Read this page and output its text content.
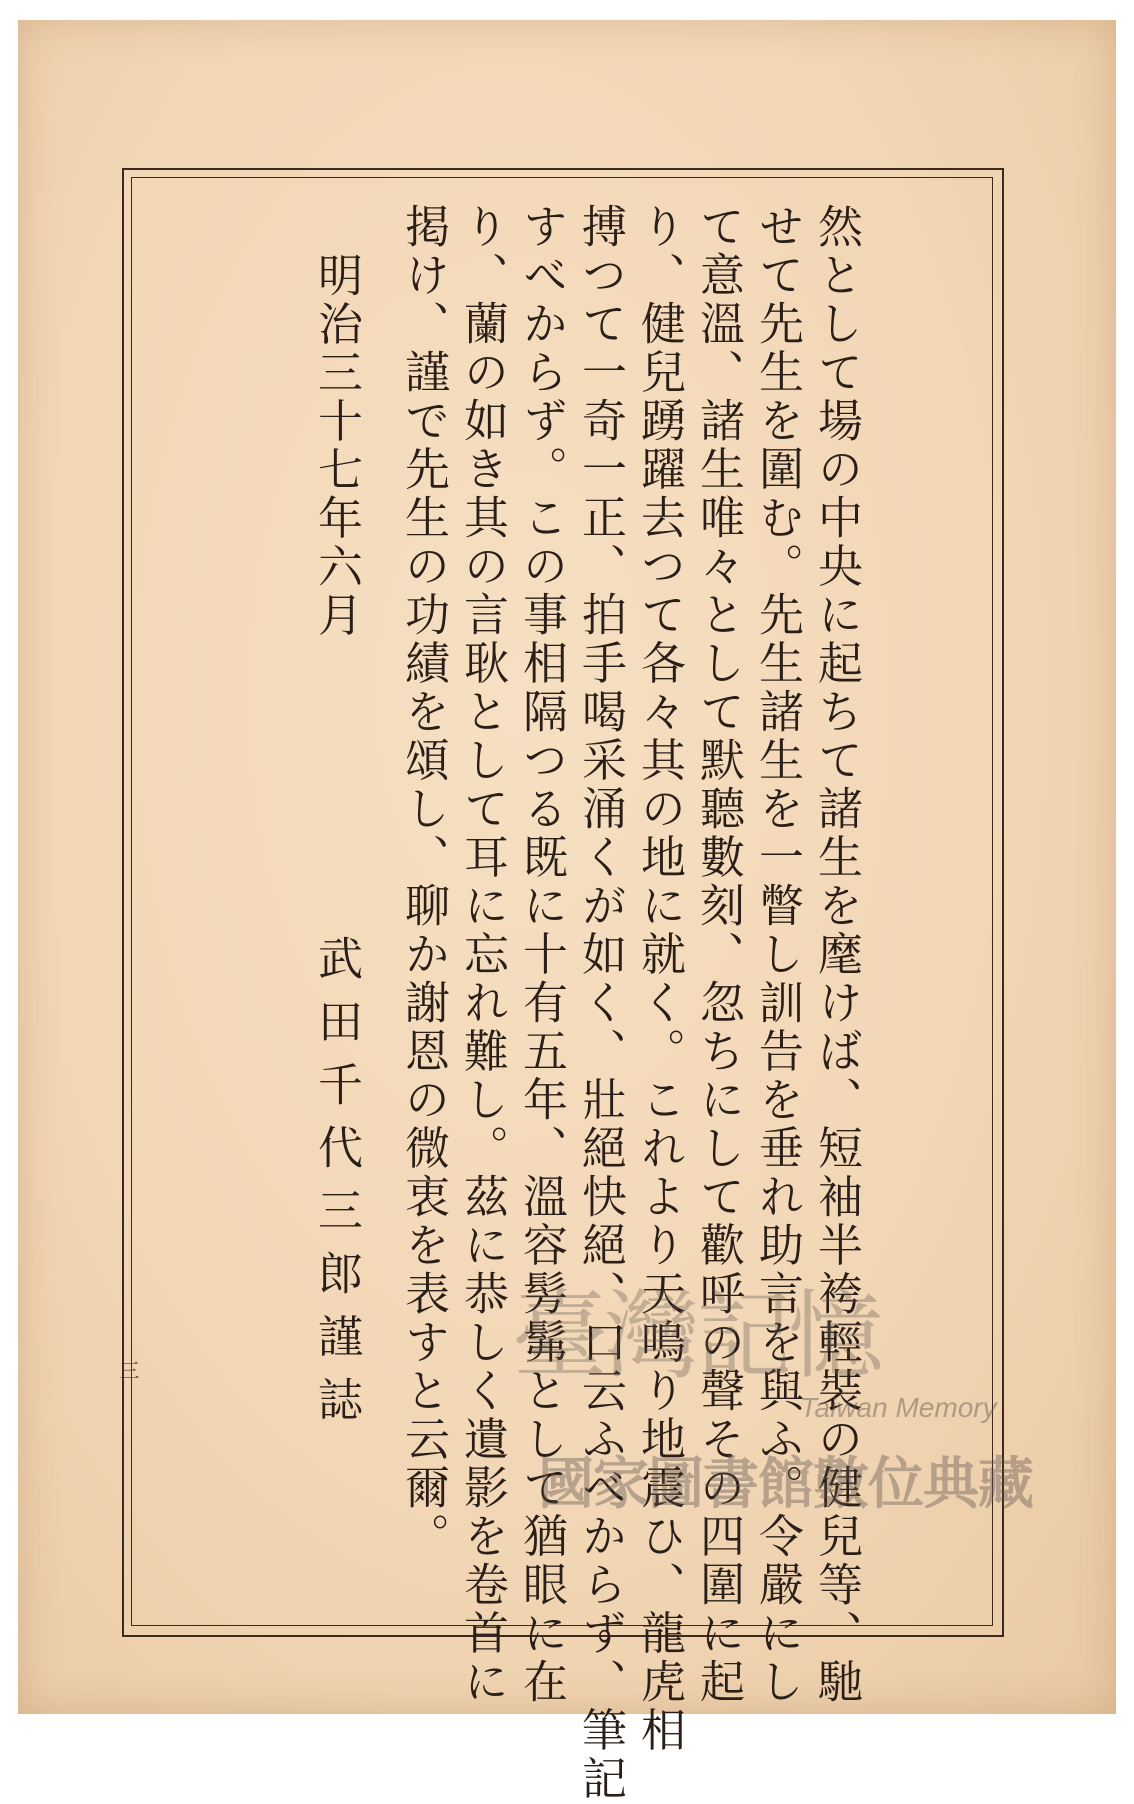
然として場の中央に起ちて諸生を麾けば、短袖半袴輕裝の健兒等、馳
せて先生を圍む。先生諸生を一瞥し訓告を垂れ助言を與ふ。令嚴にし
て意溫、諸生唯々として默聽數刻、忽ちにして歡呼の聲その四圍に起
り、健兒踴躍去つて各々其の地に就く。これより天鳴り地震ひ、龍虎相
搏つて一奇一正、拍手喝采涌くが如く、壯絕快絕、口云ふべからず、筆記
すべからず。この事相隔つる既に十有五年、溫容髣髴として猶眼に在
り、蘭の如き其の言耿として耳に忘れ難し。茲に恭しく遺影を卷首に
掲け、謹で先生の功績を頌し、聊か謝恩の微衷を表すと云爾。
明治三十七年六月
武田千代三郎謹誌
三	臺灣記憶
Taiwan Memory
國家圖書館數位典藏
